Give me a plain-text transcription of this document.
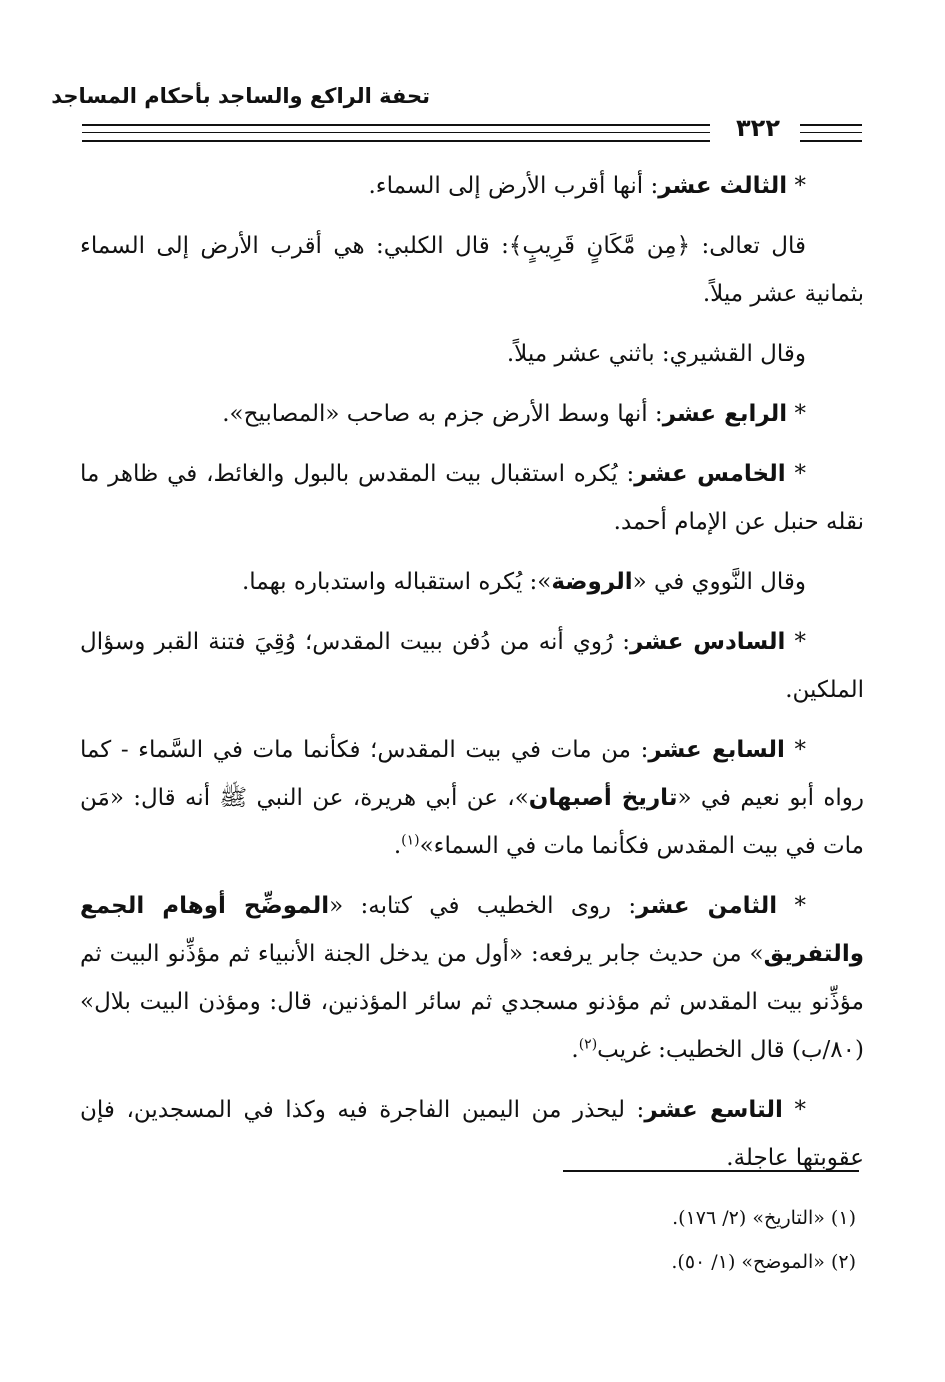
تحفة الراكع والساجد بأحكام المساجد
٣٢٢

* الثالث عشر: أنها أقرب الأرض إلى السماء.

قال تعالى: ﴿مِن مَّكَانٍ قَرِيبٍ﴾: قال الكلبي: هي أقرب الأرض إلى السماء بثمانية عشر ميلاً.

وقال القشيري: باثني عشر ميلاً.

* الرابع عشر: أنها وسط الأرض جزم به صاحب «المصابيح».

* الخامس عشر: يُكره استقبال بيت المقدس بالبول والغائط، في ظاهر ما نقله حنبل عن الإمام أحمد.

وقال النَّووي في «الروضة»: يُكره استقباله واستدباره بهما.

* السادس عشر: رُوي أنه من دُفن ببيت المقدس؛ وُقِيَ فتنة القبر وسؤال الملكين.

* السابع عشر: من مات في بيت المقدس؛ فكأنما مات في السَّماء - كما رواه أبو نعيم في «تاريخ أصبهان»، عن أبي هريرة، عن النبي ﷺ أنه قال: «مَن مات في بيت المقدس فكأنما مات في السماء»$^{(١)}$.

* الثامن عشر: روى الخطيب في كتابه: «الموضِّح أوهام الجمع والتفريق» من حديث جابر يرفعه: «أول من يدخل الجنة الأنبياء ثم مؤذِّنو البيت ثم مؤذِّنو بيت المقدس ثم مؤذنو مسجدي ثم سائر المؤذنين، قال: ومؤذن البيت بلال» (٨٠/ب) قال الخطيب: غريب$^{(٢)}$.

* التاسع عشر: ليحذر من اليمين الفاجرة فيه وكذا في المسجدين، فإن عقوبتها عاجلة.

(١) «التاريخ» (٢/ ١٧٦).

(٢) «الموضح» (١/ ٥٠).
